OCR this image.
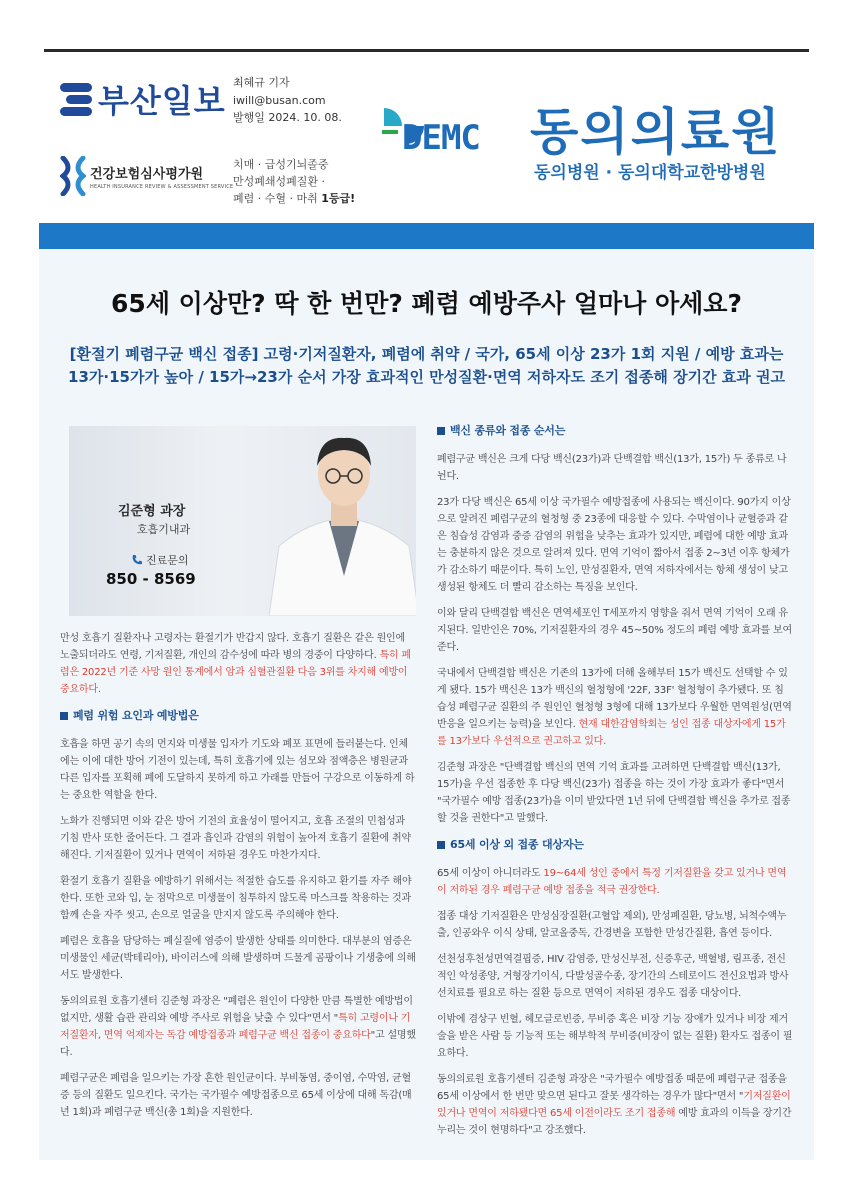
부산일보
건강보험심사평가원
HEALTH INSURANCE REVIEW & ASSESSMENT SERVICE
최혜규 기자
iwill@busan.com
발행일 2024. 10. 08.
치매 · 급성기뇌졸중
만성폐쇄성폐질환 ·
폐렴 · 수혈 · 마취 1등급!
DEMC 동의의료원
동의병원 · 동의대학교한방병원
65세 이상만? 딱 한 번만? 폐렴 예방주사 얼마나 아세요?
[환절기 폐렴구균 백신 접종] 고령·기저질환자, 폐렴에 취약 / 국가, 65세 이상 23가 1회 지원 / 예방 효과는
13가·15가가 높아 / 15가→23가 순서 가장 효과적인 만성질환·면역 저하자도 조기 접종해 장기간 효과 권고
김준형 과장
호흡기내과
진료문의
850 - 8569

만성 호흡기 질환자나 고령자는 환절기가 반갑지 않다. 호흡기 질환은 같은 원인에 노출되더라도 연령, 기저질환, 개인의 감수성에 따라 병의 경중이 다양하다. 특히 폐렴은 2022년 기준 사망 원인 통계에서 암과 심혈관질환 다음 3위를 차지해 예방이 중요하다.

폐렴 위험 요인과 예방법은

호흡을 하면 공기 속의 먼지와 미생물 입자가 기도와 폐포 표면에 들러붙는다. 인체에는 이에 대한 방어 기전이 있는데, 특히 호흡기에 있는 섬모와 점액층은 병원균과 다른 입자를 포획해 폐에 도달하지 못하게 하고 가래를 만들어 구강으로 이동하게 하는 중요한 역할을 한다.

노화가 진행되면 이와 같은 방어 기전의 효율성이 떨어지고, 호흡 조절의 민첩성과 기침 반사 또한 줄어든다. 그 결과 흡인과 감염의 위험이 높아져 호흡기 질환에 취약해진다. 기저질환이 있거나 면역이 저하된 경우도 마찬가지다.

환절기 호흡기 질환을 예방하기 위해서는 적절한 습도를 유지하고 환기를 자주 해야 한다. 또한 코와 입, 눈 점막으로 미생물이 침투하지 않도록 마스크를 착용하는 것과 함께 손을 자주 씻고, 손으로 얼굴을 만지지 않도록 주의해야 한다.

폐렴은 호흡을 담당하는 폐실질에 염증이 발생한 상태를 의미한다. 대부분의 염증은 미생물인 세균(박테리아), 바이러스에 의해 발생하며 드물게 곰팡이나 기생충에 의해서도 발생한다.

동의의료원 호흡기센터 김준형 과장은 "폐렴은 원인이 다양한 만큼 특별한 예방법이 없지만, 생활 습관 관리와 예방 주사로 위험을 낮출 수 있다"면서 "특히 고령이나 기저질환자, 면역 억제자는 독감 예방접종과 폐렴구균 백신 접종이 중요하다"고 설명했다.

폐렴구균은 폐렴을 일으키는 가장 흔한 원인균이다. 부비동염, 중이염, 수막염, 균혈증 등의 질환도 일으킨다. 국가는 국가필수 예방접종으로 65세 이상에 대해 독감(매년 1회)과 폐렴구균 백신(총 1회)을 지원한다.

백신 종류와 접종 순서는

폐렴구균 백신은 크게 다당 백신(23가)과 단백결합 백신(13가, 15가) 두 종류로 나뉜다.

23가 다당 백신은 65세 이상 국가필수 예방접종에 사용되는 백신이다. 90가지 이상으로 알려진 폐렴구균의 혈청형 중 23종에 대응할 수 있다. 수막염이나 균혈증과 같은 침습성 감염과 중증 감염의 위험을 낮추는 효과가 있지만, 폐렴에 대한 예방 효과는 충분하지 않은 것으로 알려져 있다. 면역 기억이 짧아서 접종 2~3년 이후 항체가가 감소하기 때문이다. 특히 노인, 만성질환자, 면역 저하자에서는 항체 생성이 낮고 생성된 항체도 더 빨리 감소하는 특징을 보인다.

이와 달리 단백결합 백신은 면역세포인 T세포까지 영향을 줘서 면역 기억이 오래 유지된다. 일반인은 70%, 기저질환자의 경우 45~50% 정도의 폐렴 예방 효과를 보여준다.

국내에서 단백결합 백신은 기존의 13가에 더해 올해부터 15가 백신도 선택할 수 있게 됐다. 15가 백신은 13가 백신의 혈청형에 '22F, 33F' 혈청형이 추가됐다. 또 침습성 폐렴구균 질환의 주 원인인 혈청형 3형에 대해 13가보다 우월한 면역원성(면역 반응을 일으키는 능력)을 보인다. 현재 대한감염학회는 성인 접종 대상자에게 15가를 13가보다 우선적으로 권고하고 있다.

김준형 과장은 "단백결합 백신의 면역 기억 효과를 고려하면 단백결합 백신(13가, 15가)을 우선 접종한 후 다당 백신(23가) 접종을 하는 것이 가장 효과가 좋다"면서 "국가필수 예방 접종(23가)을 이미 받았다면 1년 뒤에 단백결합 백신을 추가로 접종할 것을 권한다"고 말했다.

65세 이상 외 접종 대상자는

65세 이상이 아니더라도 19~64세 성인 중에서 특정 기저질환을 갖고 있거나 면역이 저하된 경우 폐렴구균 예방 접종을 적극 권장한다.

접종 대상 기저질환은 만성심장질환(고혈압 제외), 만성폐질환, 당뇨병, 뇌척수액누출, 인공와우 이식 상태, 알코올중독, 간경변을 포함한 만성간질환, 흡연 등이다.

선천성후천성면역결핍증, HIV 감염증, 만성신부전, 신증후군, 백혈병, 림프종, 전신적인 악성종양, 거형장기이식, 다발성골수종, 장기간의 스테로이드 전신요법과 방사선치료를 필요로 하는 질환 등으로 면역이 저하된 경우도 접종 대상이다.

이밖에 겸상구 빈혈, 헤모글로빈증, 무비증 혹은 비장 기능 장애가 있거나 비장 제거술을 받은 사람 등 기능적 또는 해부학적 무비증(비장이 없는 질환) 환자도 접종이 필요하다.

동의의료원 호흡기센터 김준형 과장은 "국가필수 예방접종 때문에 폐렴구균 접종을 65세 이상에서 한 번만 맞으면 된다고 잘못 생각하는 경우가 많다"면서 "기저질환이 있거나 면역이 저하됐다면 65세 이전이라도 조기 접종해 예방 효과의 이득을 장기간 누리는 것이 현명하다"고 강조했다.
